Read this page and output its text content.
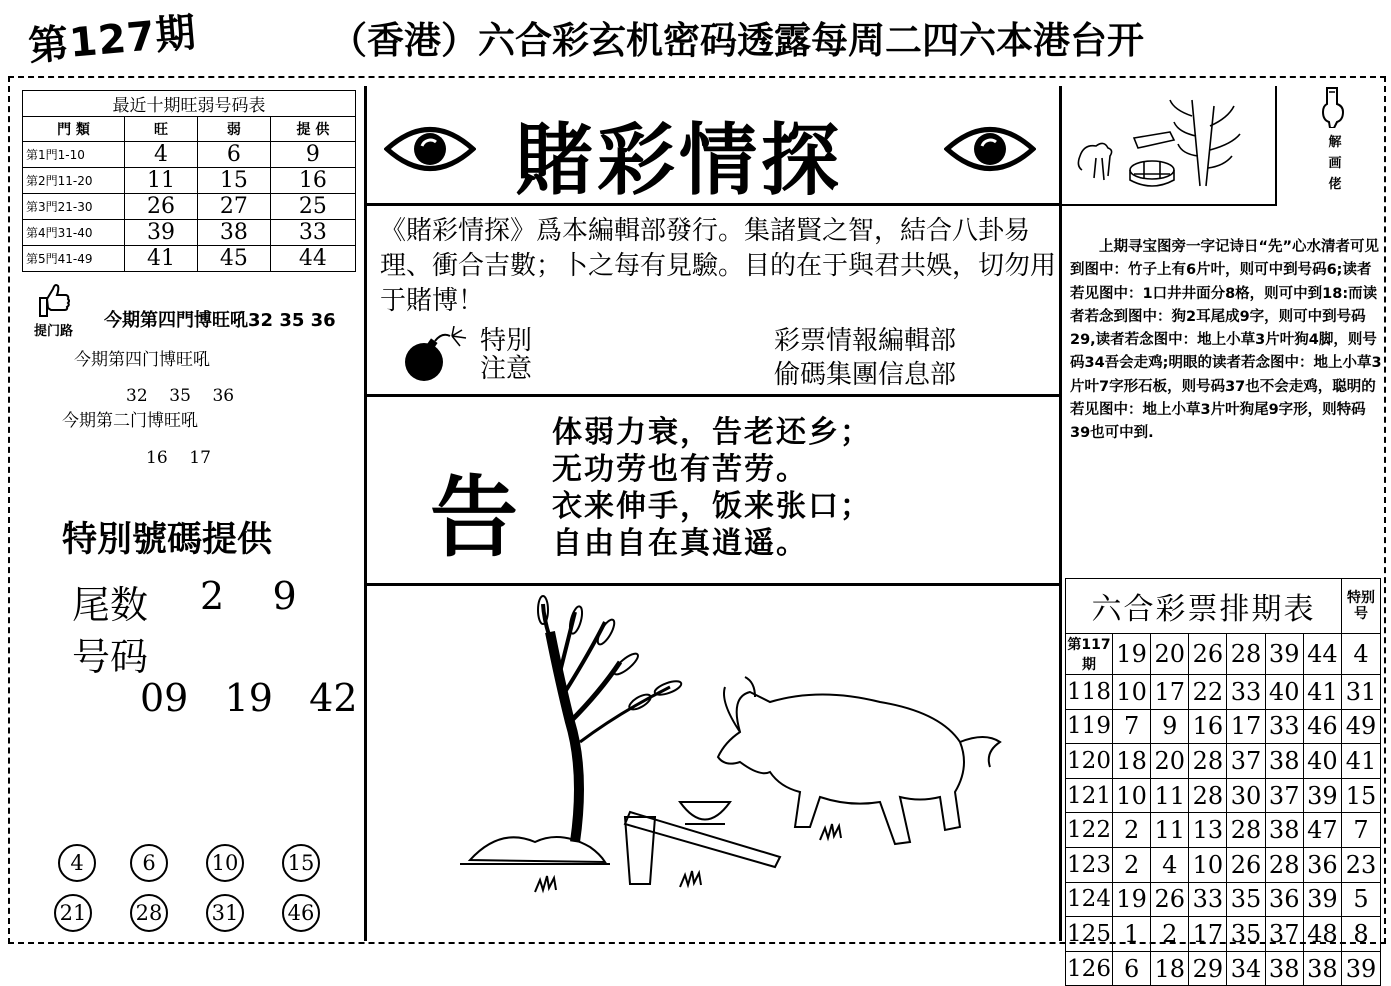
第127期	（香港）六合彩玄机密码透露每周二四六本港台开
最近十期旺弱号码表			
門 類	旺	弱	提 供
第1門1-10	4	6	9
第2門11-20	11	15	16
第3門21-30	26	27	25
第4門31-40	39	38	33
第5門41-49	41	45	44
提门路
今期第四門博旺吼32 35 36
今期第四门博旺吼
32    35    36
今期第二门博旺吼
16    17
特別號碼提供
尾数 2    9
号码
09   19   42
4	6	10 15
21 28 31 46
賭彩情探
《賭彩情探》爲本編輯部發行。集諸賢之智，結合八卦易理、衝合吉數；卜之每有見驗。目的在于與君共娛，切勿用于賭博！
特別
注意
彩票情報編輯部
偷碼集團信息部
告
体弱力衰，告老还乡；
无功劳也有苦劳。
衣来伸手，饭来张口；
自由自在真逍遥。
解画佬
上期寻宝图旁一字记诗日“先”心水清者可见到图中：竹子上有6片叶，则可中到号码6;读者若见图中：1口井井面分8格，则可中到18:而读者若念到图中：狗2耳尾成9字，则可中到号码29,读者若念图中：地上小草3片叶狗4脚，则号码34吾会走鸡;明眼的读者若念图中：地上小草3片叶7字形石板，则号码37也不会走鸡，聪明的若见图中：地上小草3片叶狗尾9字形，则特码39也可中到.
六合彩票排期表							特别号
第117期	19	20	26	28	39	44	4
118	10	17	22	33	40	41	31
119	7	9	16	17	33	46	49
120	18	20	28	37	38	40	41
121	10	11	28	30	37	39	15
122	2	11	13	28	38	47	7
123	2	4	10	26	28	36	23
124	19	26	33	35	36	39	5
125	1	2	17	35	37	48	8
126	6	18	29	34	38	38	39
